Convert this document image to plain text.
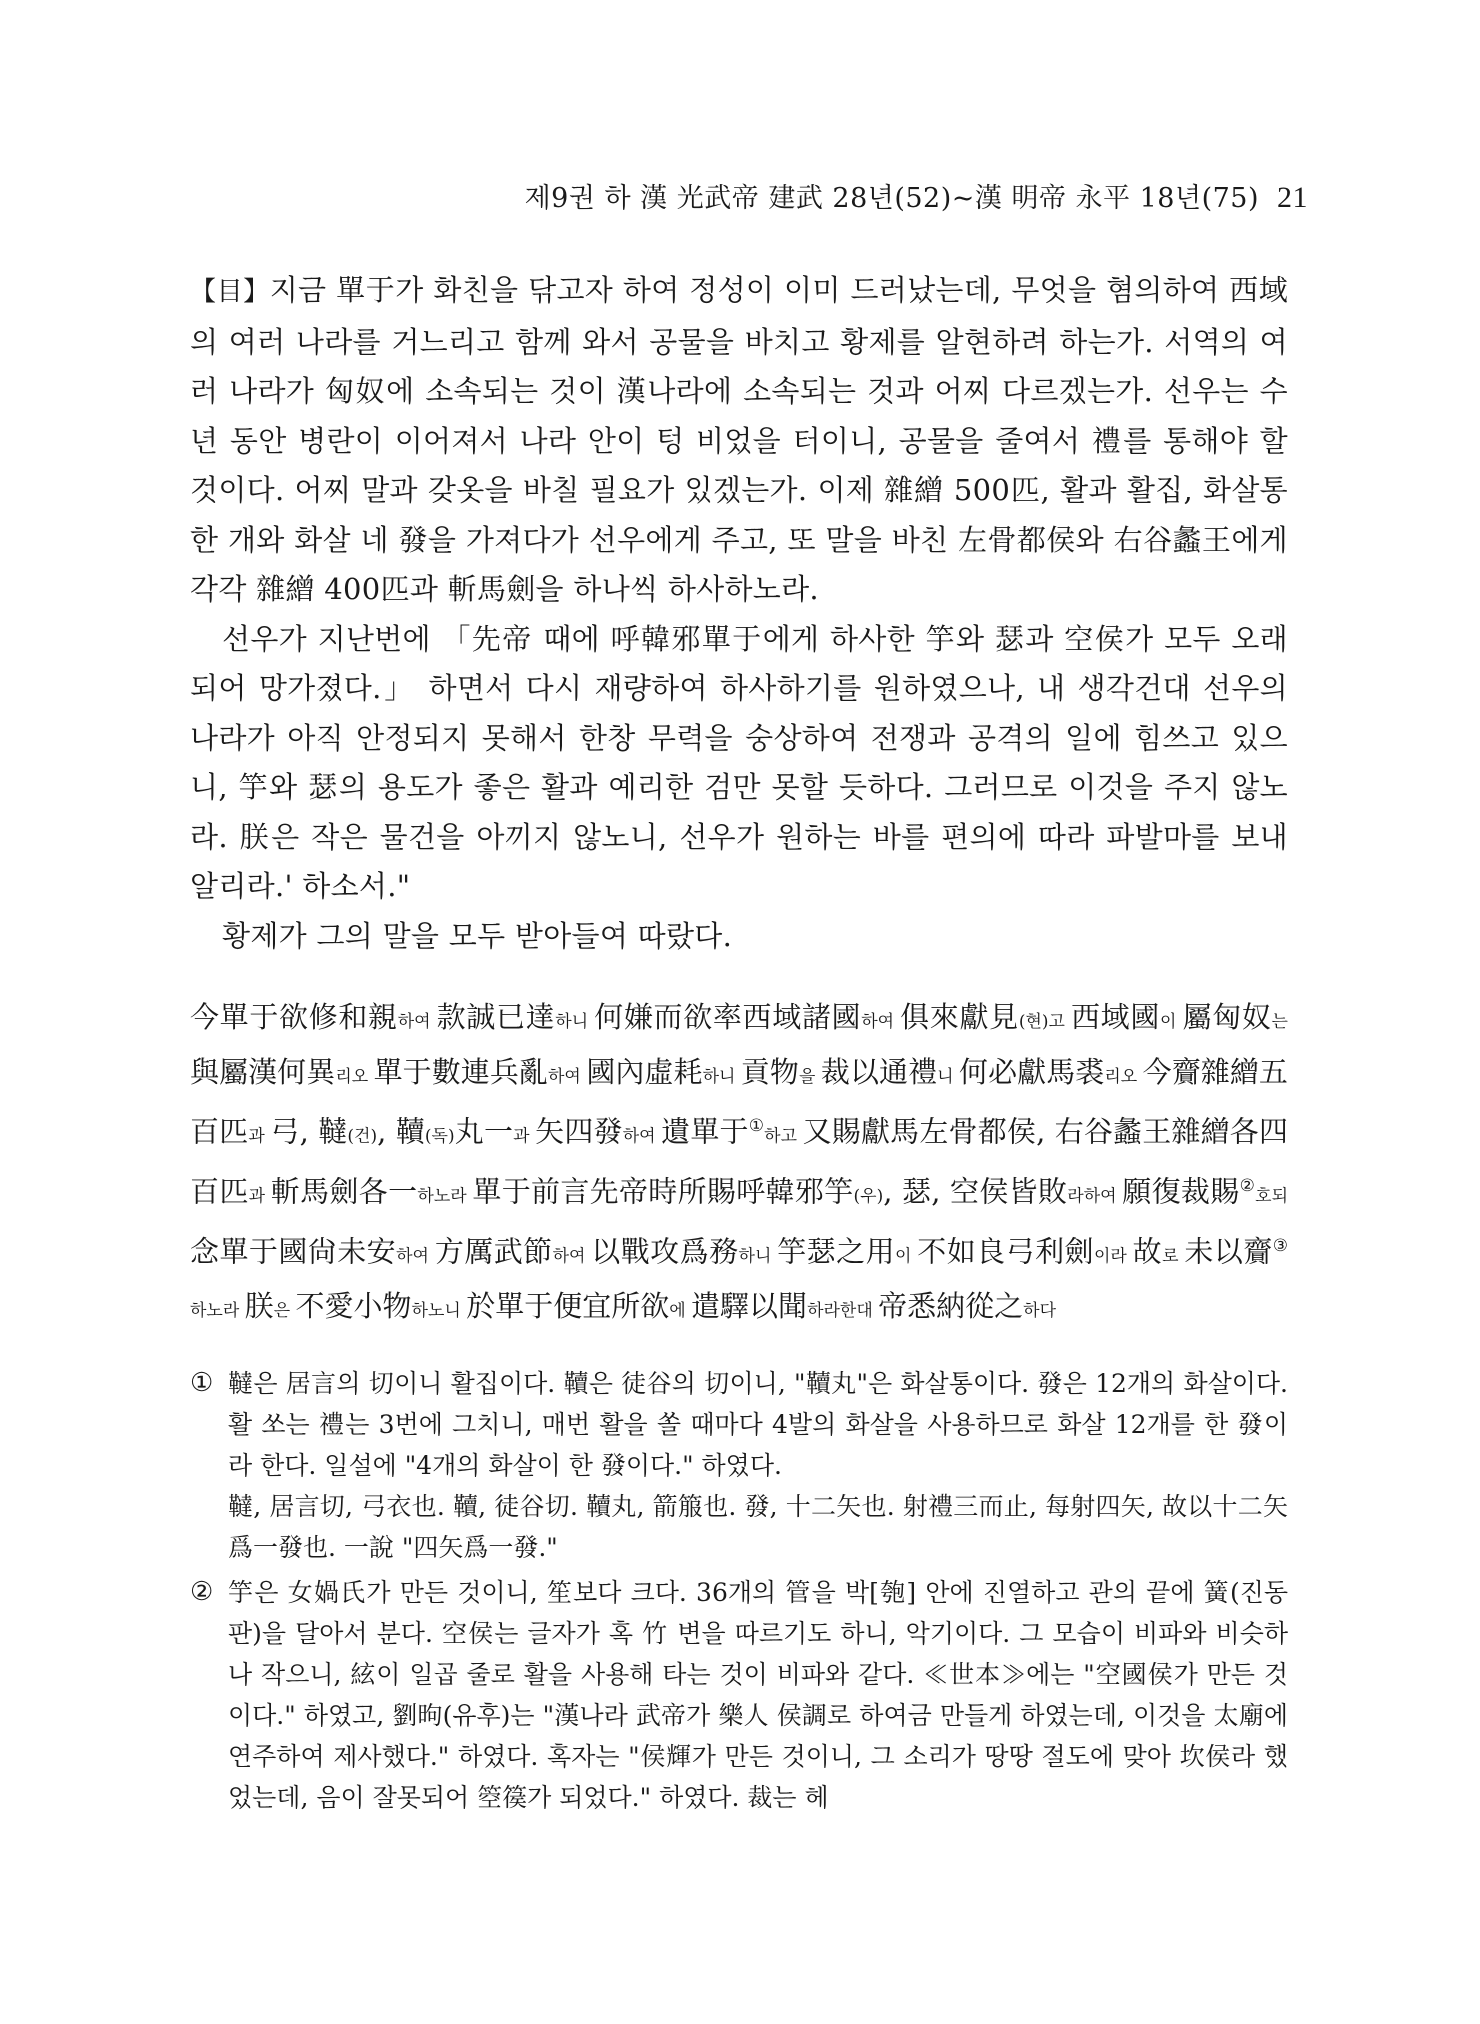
제9권 하 漢 光武帝 建武 28년(52)~漢 明帝 永平 18년(75) 21

【目】지금 單于가 화친을 닦고자 하여 정성이 이미 드러났는데, 무엇을 혐의하여 西域의 여러 나라를 거느리고 함께 와서 공물을 바치고 황제를 알현하려 하는가. 서역의 여러 나라가 匈奴에 소속되는 것이 漢나라에 소속되는 것과 어찌 다르겠는가. 선우는 수년 동안 병란이 이어져서 나라 안이 텅 비었을 터이니, 공물을 줄여서 禮를 통해야 할 것이다. 어찌 말과 갖옷을 바칠 필요가 있겠는가. 이제 雜繒 500匹, 활과 활집, 화살통 한 개와 화살 네 發을 가져다가 선우에게 주고, 또 말을 바친 左骨都侯와 右谷蠡王에게 각각 雜繒 400匹과 斬馬劍을 하나씩 하사하노라.

선우가 지난번에 「先帝 때에 呼韓邪單于에게 하사한 竽와 瑟과 空侯가 모두 오래되어 망가졌다.」 하면서 다시 재량하여 하사하기를 원하였으나, 내 생각건대 선우의 나라가 아직 안정되지 못해서 한창 무력을 숭상하여 전쟁과 공격의 일에 힘쓰고 있으니, 竽와 瑟의 용도가 좋은 활과 예리한 검만 못할 듯하다. 그러므로 이것을 주지 않노라. 朕은 작은 물건을 아끼지 않노니, 선우가 원하는 바를 편의에 따라 파발마를 보내 알리라.' 하소서."

황제가 그의 말을 모두 받아들여 따랐다.

今單于欲修和親하여 款誠已達하니 何嫌而欲率西域諸國하여 俱來獻見(현)고 西域國이 屬匈奴는 與屬漢何異리오 單于數連兵亂하여 國內虛耗하니 貢物을 裁以通禮니 何必獻馬裘리오 今齎雜繒五百匹과 弓, 韃(건), 韇(독)丸一과 矢四發하여 遺單于①하고 又賜獻馬左骨都侯, 右谷蠡王雜繒各四百匹과 斬馬劍各一하노라 單于前言先帝時所賜呼韓邪竽(우), 瑟, 空侯皆敗라하여 願復裁賜②호되 念單于國尙未安하여 方厲武節하여 以戰攻爲務하니 竽瑟之用이 不如良弓利劍이라 故로 未以齎③하노라 朕은 不愛小物하노니 於單于便宜所欲에 遣驛以聞하라한대 帝悉納從之하다
① 韃은 居言의 切이니 활집이다. 韇은 徒谷의 切이니, "韇丸"은 화살통이다. 發은 12개의 화살이다. 활 쏘는 禮는 3번에 그치니, 매번 활을 쏠 때마다 4발의 화살을 사용하므로 화살 12개를 한 發이라 한다. 일설에 "4개의 화살이 한 發이다." 하였다.
韃, 居言切, 弓衣也. 韇, 徒谷切. 韇丸, 箭箙也. 發, 十二矢也. 射禮三而止, 每射四矢, 故以十二矢爲一發也. 一說 "四矢爲一發."
② 竽은 女媧氏가 만든 것이니, 笙보다 크다. 36개의 管을 박[匏] 안에 진열하고 관의 끝에 簧(진동판)을 달아서 분다. 空侯는 글자가 혹 竹 변을 따르기도 하니, 악기이다. 그 모습이 비파와 비슷하나 작으니, 絃이 일곱 줄로 활을 사용해 타는 것이 비파와 같다. ≪世本≫에는 "空國侯가 만든 것이다." 하였고, 劉昫(유후)는 "漢나라 武帝가 樂人 侯調로 하여금 만들게 하였는데, 이것을 太廟에 연주하여 제사했다." 하였다. 혹자는 "侯輝가 만든 것이니, 그 소리가 땅땅 절도에 맞아 坎侯라 했었는데, 음이 잘못되어 箜篌가 되었다." 하였다. 裁는 헤
